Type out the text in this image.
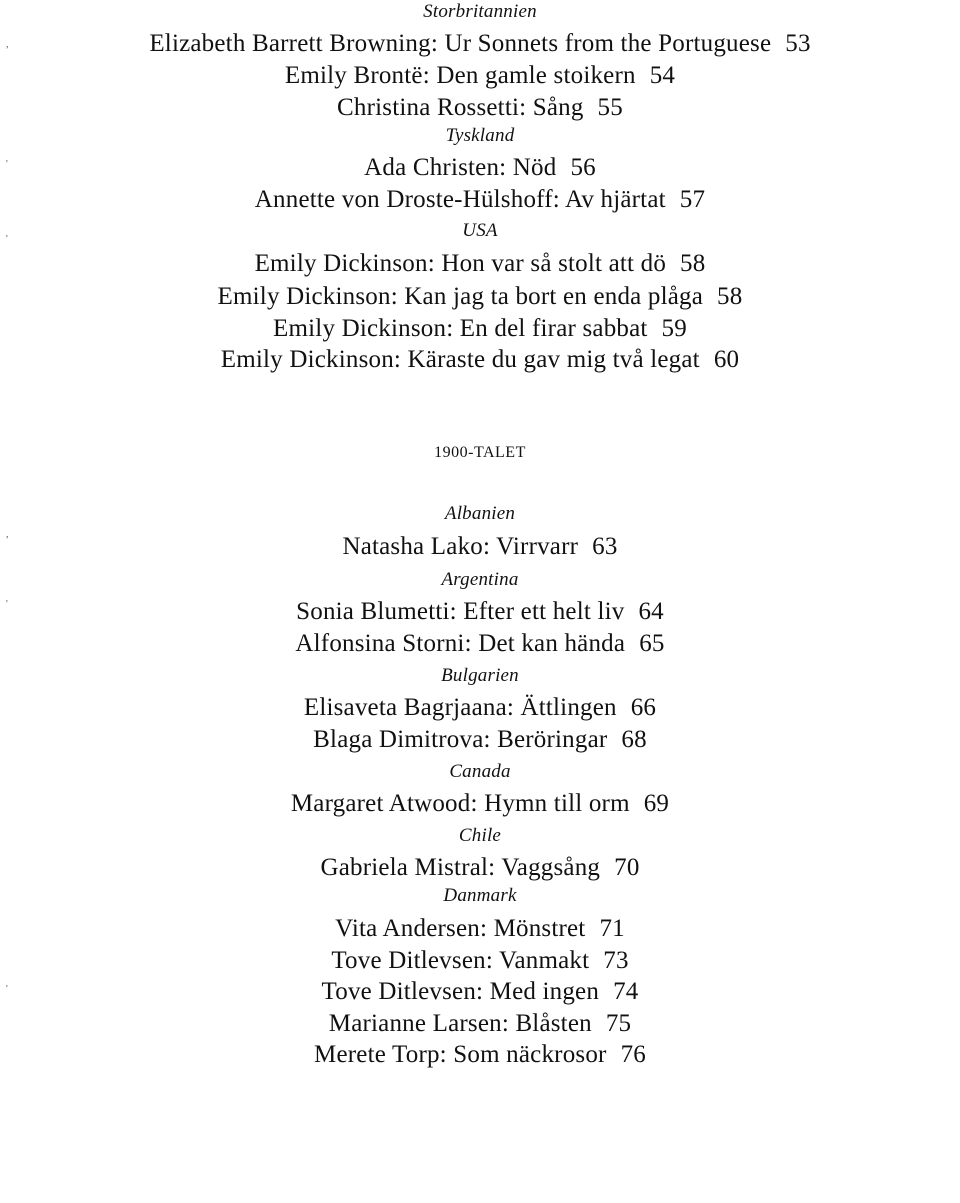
Storbritannien
Elizabeth Barrett Browning: Ur Sonnets from the Portuguese 53
Emily Brontë: Den gamle stoikern 54
Christina Rossetti: Sång 55
Tyskland
Ada Christen: Nöd 56
Annette von Droste-Hülshoff: Av hjärtat 57
USA
Emily Dickinson: Hon var så stolt att dö 58
Emily Dickinson: Kan jag ta bort en enda plåga 58
Emily Dickinson: En del firar sabbat 59
Emily Dickinson: Käraste du gav mig två legat 60
1900-TALET
Albanien
Natasha Lako: Virrvarr 63
Argentina
Sonia Blumetti: Efter ett helt liv 64
Alfonsina Storni: Det kan hända 65
Bulgarien
Elisaveta Bagrjaana: Ättlingen 66
Blaga Dimitrova: Beröringar 68
Canada
Margaret Atwood: Hymn till orm 69
Chile
Gabriela Mistral: Vaggsång 70
Danmark
Vita Andersen: Mönstret 71
Tove Ditlevsen: Vanmakt 73
Tove Ditlevsen: Med ingen 74
Marianne Larsen: Blåsten 75
Merete Torp: Som näckrosor 76
,
'
'
,
'
'
